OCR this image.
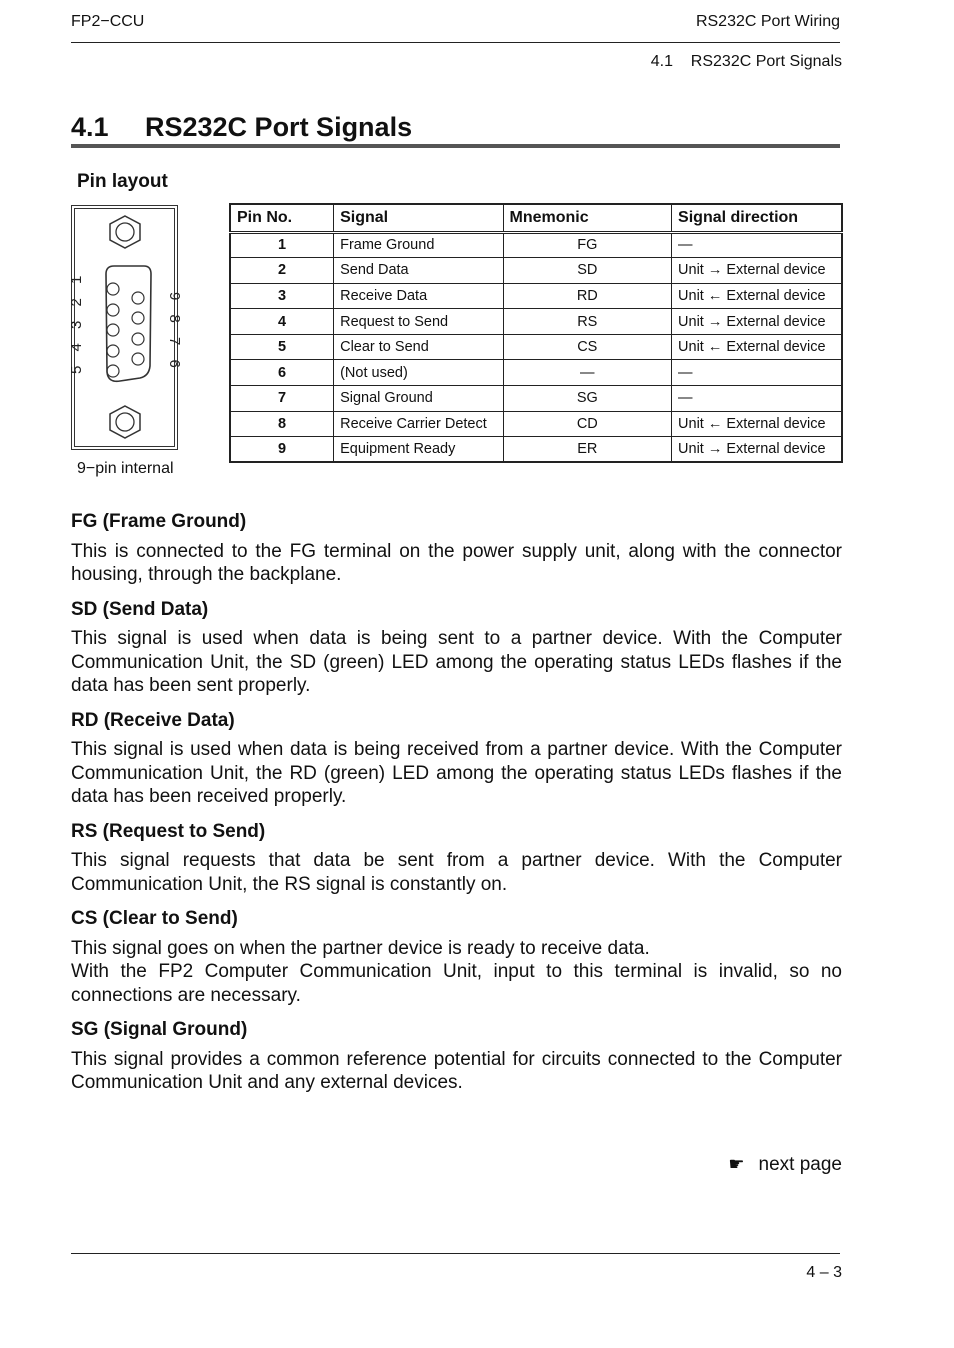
FP2−CCU	RS232C Port Wiring
4.1    RS232C Port Signals
4.1 RS232C Port Signals
Pin layout
5 4 3 2 1	9 8 7 6
9−pin internal
Pin No.	Signal	Mnemonic	Signal direction
1	Frame Ground	FG	—
2	Send Data	SD	Unit → External device
3	Receive Data	RD	Unit ← External device
4	Request to Send	RS	Unit → External device
5	Clear to Send	CS	Unit ← External device
6	(Not used)	—	—
7	Signal Ground	SG	—
8	Receive Carrier Detect	CD	Unit ← External device
9	Equipment Ready	ER	Unit → External device
FG (Frame Ground)

This is connected to the FG terminal on the power supply unit, along with the connector housing, through the backplane.

SD (Send Data)

This signal is used when data is being sent to a partner device. With the Computer Communication Unit, the SD (green) LED among the operating status LEDs flashes if the data has been sent properly.

RD (Receive Data)

This signal is used when data is being received from a partner device. With the Computer Communication Unit, the RD (green) LED among the operating status LEDs flashes if the data has been received properly.

RS (Request to Send)

This signal requests that data be sent from a partner device. With the Computer Communication Unit, the RS signal is constantly on.

CS (Clear to Send)

This signal goes on when the partner device is ready to receive data.

With the FP2 Computer Communication Unit, input to this terminal is invalid, so no connections are necessary.

SG (Signal Ground)

This signal provides a common reference potential for circuits connected to the Computer Communication Unit and any external devices.

☛ next page
4 – 3
